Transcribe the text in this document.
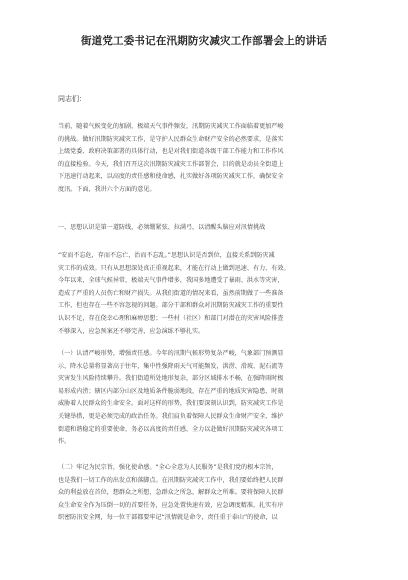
街道党工委书记在汛期防灾减灾工作部署会上的讲话
同志们：
当前，随着气候变化的加剧，极端天气事件频发，汛期防灾减灾工作面临着更加严峻
的挑战。做好汛期防灾减灾工作，是守护人民群众生命财产安全的必然要求，是落实
上级党委、政府决策部署的具体行动，也是对我们街道各级干部工作能力和工作作风
的直接检验。今天，我们召开这次汛期防灾减灾工作部署会，目的就是动员全街道上
下迅速行动起来，以高度的责任感和使命感，扎实做好各项防灾减灾工作，确保安全
度汛。下面，我讲六个方面的意见。
一、思想认识是第一道防线，必须绷紧弦、拉满弓，以清醒头脑应对汛情挑战
“安而不忘危，存而不忘亡，治而不忘乱。”思想认识是否到位，直接关系到防灾减
灾工作的成效。只有从思想深处真正重视起来，才能在行动上做到迅速、有力、有效。
今年以来，全球气候异常，极端天气事件增多，我国多地遭受了暴雨、洪水等灾害，
造成了严重的人员伤亡和财产损失。从我们街道的情况来看，虽然前期做了一些准备
工作，但也存在一些不容忽视的问题。部分干部和群众对汛期防灾减灾工作的重要性
认识不足，存在侥幸心理和麻痹思想；一些村（社区）和部门对潜在的灾害风险排查
不够深入，应急预案还不够完善，应急演练不够扎实。
（一）认清严峻形势，增强责任感。今年的汛期气候形势复杂严峻，气象部门预测显
示，降水总量将显著高于往年，集中性强降雨天气可能频发，洪涝、滑坡、泥石流等
灾害发生风险持续攀升。我们街道所处地形复杂，部分区域排水不畅，在强降雨时极
易形成内涝；辖区内部分山区及地质条件脆弱地段，存在严重的地质灾害隐患，时刻
威胁着人民群众的生命安全。面对这样的形势，我们要深刻认识到，防灾减灾工作是
关键举措，更是必须完成的政治任务。我们肩负着保障人民群众生命财产安全、维护
街道和谐稳定的重要使命，务必以高度的责任感，全力以赴做好汛期防灾减灾各项工
作。
（二）牢记为民宗旨，强化使命感。“全心全意为人民服务”是我们党的根本宗旨，
也是我们一切工作的出发点和落脚点。在汛期防灾减灾工作中，我们要始终把人民群
众的利益放在首位，想群众之所想，急群众之所急，解群众之所难。要将保障人民群
众生命安全作为压倒一切的首要任务，应急处置快速有效，应急调度精准，扎实有序
织密防汛安全网，每一位干部都要牢记“汛情就是命令，责任重于泰山”的使命，以
